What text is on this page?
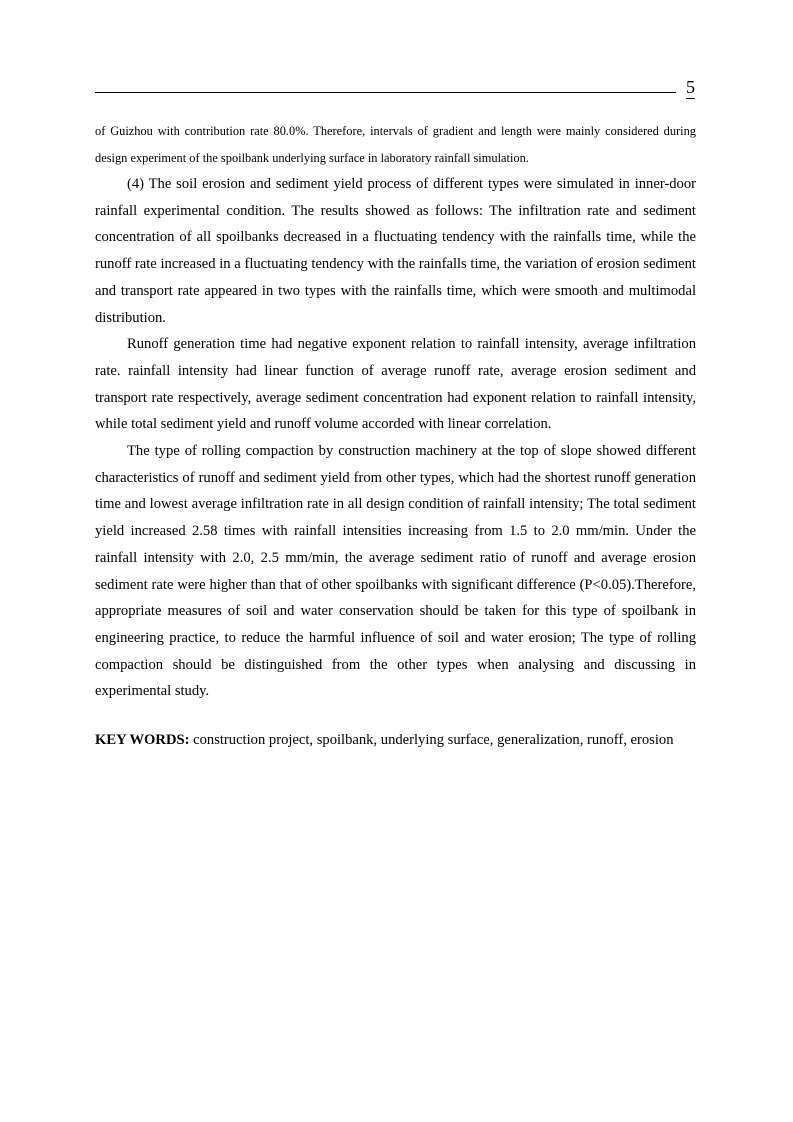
5

of Guizhou with contribution rate 80.0%. Therefore, intervals of gradient and length were mainly considered during design experiment of the spoilbank underlying surface in laboratory rainfall simulation.

(4) The soil erosion and sediment yield process of different types were simulated in inner-door rainfall experimental condition. The results showed as follows: The infiltration rate and sediment concentration of all spoilbanks decreased in a fluctuating tendency with the rainfalls time, while the runoff rate increased in a fluctuating tendency with the rainfalls time, the variation of erosion sediment and transport rate appeared in two types with the rainfalls time, which were smooth and multimodal distribution.

Runoff generation time had negative exponent relation to rainfall intensity, average infiltration rate. rainfall intensity had linear function of average runoff rate, average erosion sediment and transport rate respectively, average sediment concentration had exponent relation to rainfall intensity, while total sediment yield and runoff volume accorded with linear correlation.

The type of rolling compaction by construction machinery at the top of slope showed different characteristics of runoff and sediment yield from other types, which had the shortest runoff generation time and lowest average infiltration rate in all design condition of rainfall intensity; The total sediment yield increased 2.58 times with rainfall intensities increasing from 1.5 to 2.0 mm/min. Under the rainfall intensity with 2.0, 2.5 mm/min, the average sediment ratio of runoff and average erosion sediment rate were higher than that of other spoilbanks with significant difference (P<0.05).Therefore, appropriate measures of soil and water conservation should be taken for this type of spoilbank in engineering practice, to reduce the harmful influence of soil and water erosion; The type of rolling compaction should be distinguished from the other types when analysing and discussing in experimental study.

KEY WORDS: construction project, spoilbank, underlying surface, generalization, runoff, erosion
